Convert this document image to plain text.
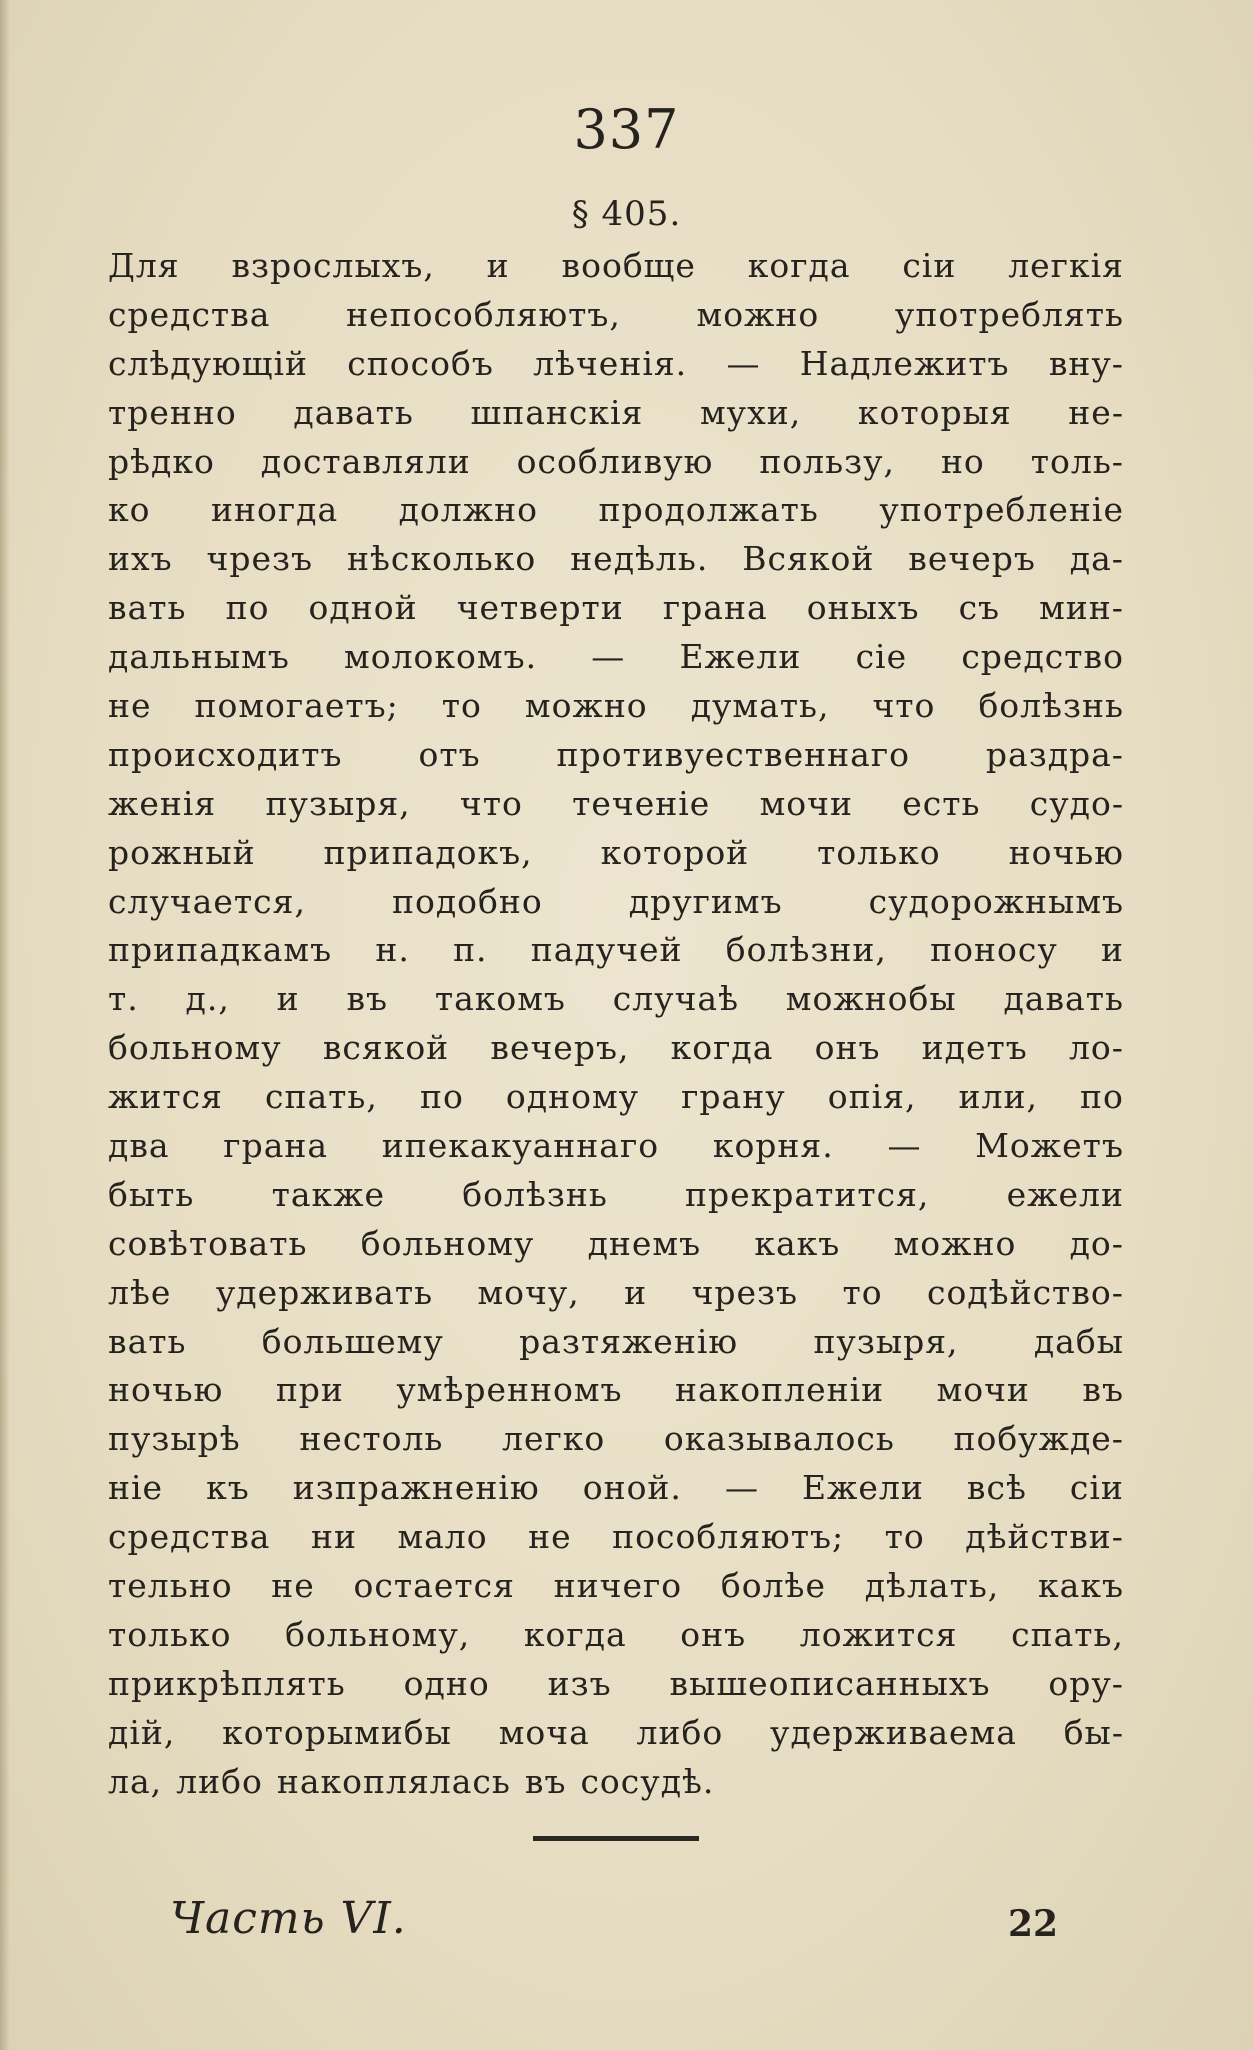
337
§ 405.
Для взрослыхъ, и вообще когда сiи легкiя
средства непособляютъ, можно употреблять
слѣдующiй способъ лѣченiя. — Надлежитъ вну-
тренно давать шпанскiя мухи, которыя не-
рѣдко доставляли особливую пользу, но толь-
ко иногда должно продолжать употребленiе
ихъ чрезъ нѣсколько недѣль. Всякой вечеръ да-
вать по одной четверти грана оныхъ съ мин-
дальнымъ молокомъ. — Ежели сiе средство
не помогаетъ; то можно думать, что болѣзнь
происходитъ отъ противуественнаго раздра-
женiя пузыря, что теченiе мочи есть судо-
рожный припадокъ, которой только ночью
случается,	подобно	другимъ	судорожнымъ
припадкамъ н. п. падучей болѣзни, поносу и
т. д., и въ такомъ случаѣ можнобы давать
больному всякой вечеръ, когда онъ идетъ ло-
жится спать, по одному грану опiя, или, по
два грана ипекакуаннаго корня. — Можетъ
быть также болѣзнь прекратится, ежели
совѣтовать больному днемъ какъ можно до-
лѣе удерживать мочу, и чрезъ то содѣйство-
вать большему разтяженiю пузыря, дабы
ночью при умѣренномъ накопленiи мочи въ
пузырѣ нестоль легко оказывалось побужде-
нiе къ изпражненiю оной. — Ежели всѣ сiи
средства ни мало не пособляютъ; то дѣйстви-
тельно не остается ничего болѣе дѣлать, какъ
только больному, когда онъ ложится спать,
прикрѣплять одно изъ вышеописанныхъ ору-
дiй, которымибы моча либо удерживаема бы-
ла, либо накоплялась въ сосудѣ.
Часть VI.	22
